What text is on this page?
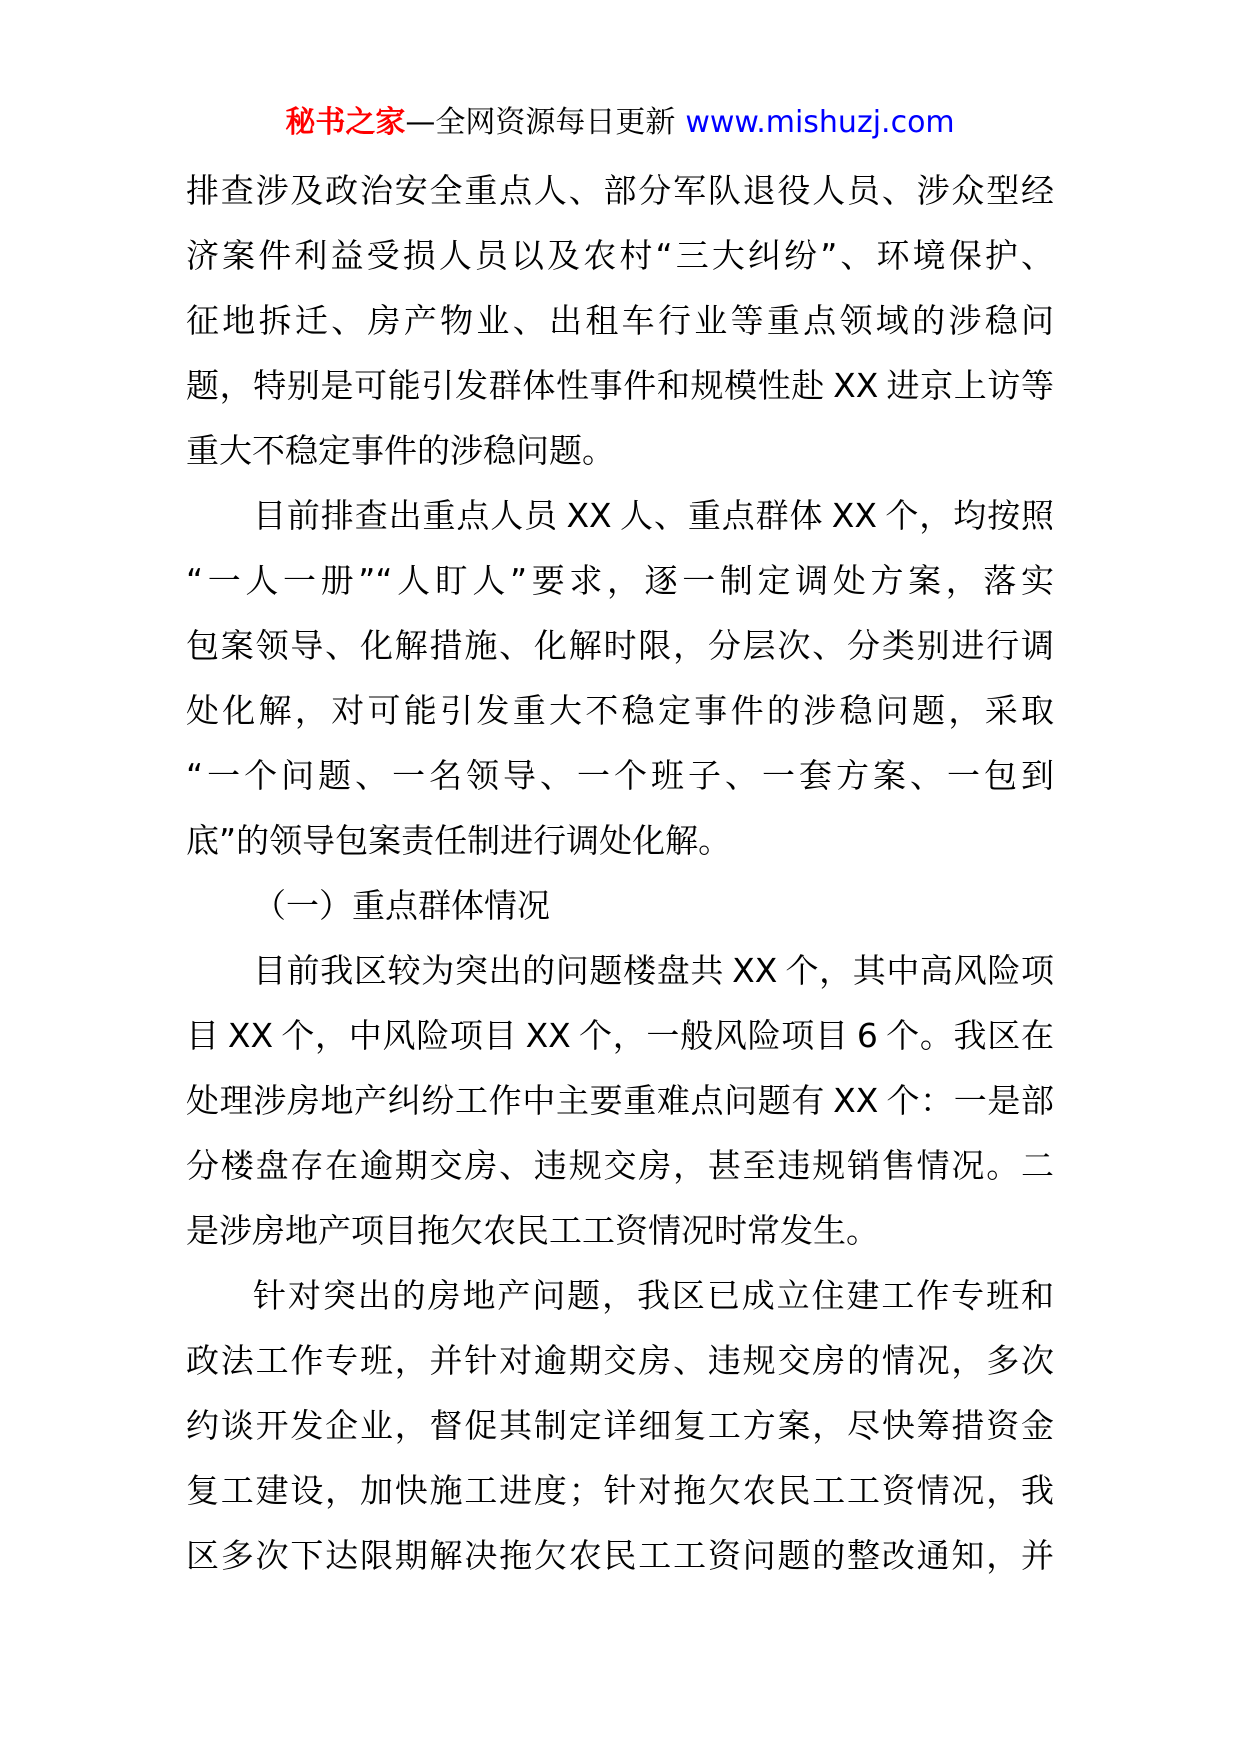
秘书之家—全网资源每日更新 www.mishuzj.com
排查涉及政治安全重点人、部分军队退役人员、涉众型经
济案件利益受损人员以及农村“三大纠纷”、环境保护、
征地拆迁、房产物业、出租车行业等重点领域的涉稳问
题，特别是可能引发群体性事件和规模性赴 XX 进京上访等
重大不稳定事件的涉稳问题。
目前排查出重点人员 XX 人、重点群体 XX 个，均按照
“一人一册”“人盯人”要求，逐一制定调处方案，落实
包案领导、化解措施、化解时限，分层次、分类别进行调
处化解，对可能引发重大不稳定事件的涉稳问题，采取
“一个问题、一名领导、一个班子、一套方案、一包到
底”的领导包案责任制进行调处化解。
（一）重点群体情况
目前我区较为突出的问题楼盘共 XX 个，其中高风险项
目 XX 个，中风险项目 XX 个，一般风险项目 6 个。我区在
处理涉房地产纠纷工作中主要重难点问题有 XX 个：一是部
分楼盘存在逾期交房、违规交房，甚至违规销售情况。二
是涉房地产项目拖欠农民工工资情况时常发生。
针对突出的房地产问题，我区已成立住建工作专班和
政法工作专班，并针对逾期交房、违规交房的情况，多次
约谈开发企业，督促其制定详细复工方案，尽快筹措资金
复工建设，加快施工进度；针对拖欠农民工工资情况，我
区多次下达限期解决拖欠农民工工资问题的整改通知，并
